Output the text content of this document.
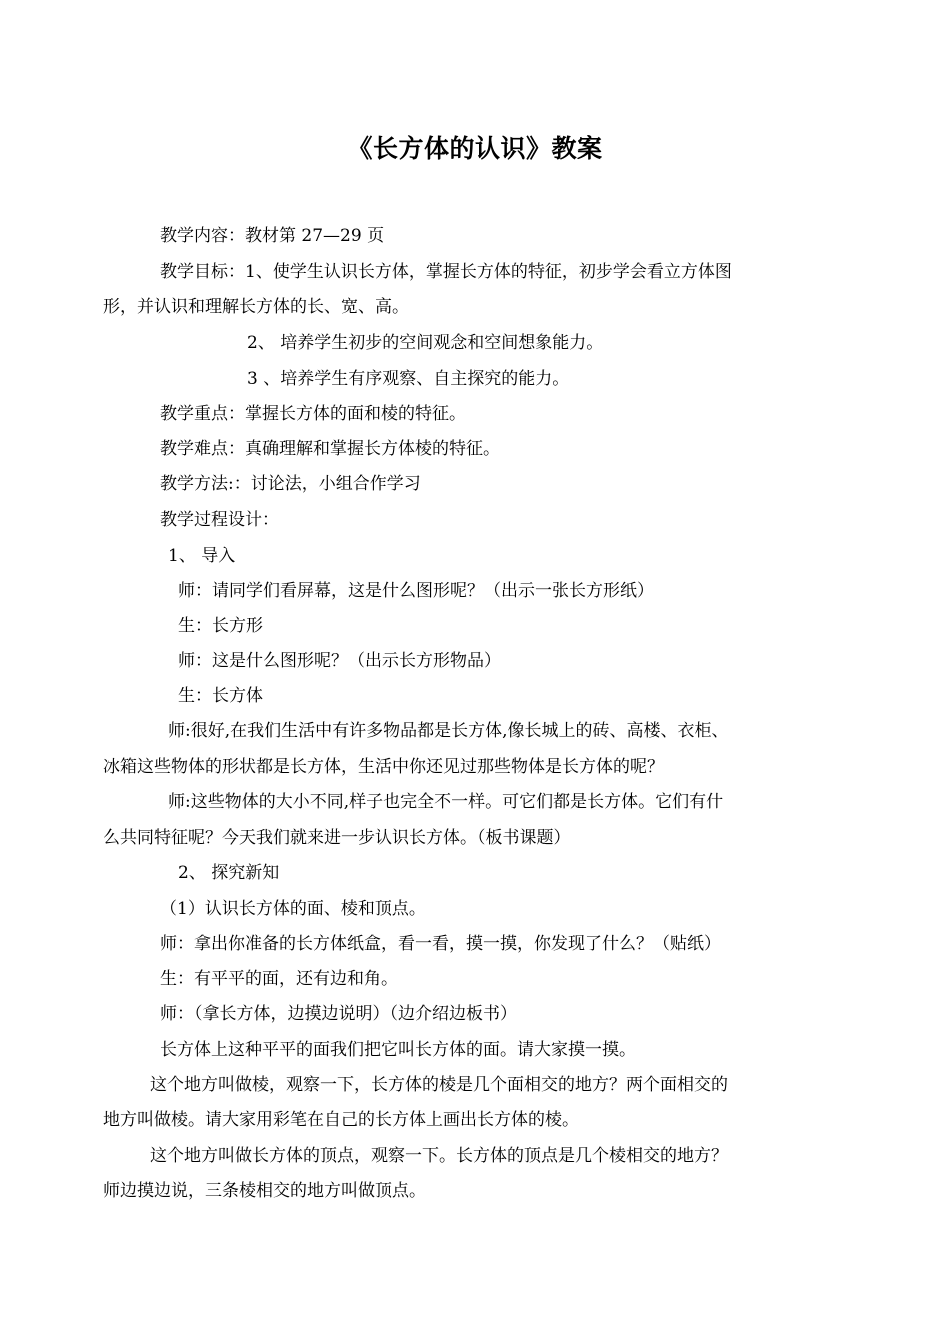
《长方体的认识》教案
教学内容：教材第 27—29 页
教学目标：1、使学生认识长方体，掌握长方体的特征，初步学会看立方体图
形，并认识和理解长方体的长、宽、高。
2、 培养学生初步的空间观念和空间想象能力。
3 、培养学生有序观察、自主探究的能力。
教学重点：掌握长方体的面和棱的特征。
教学难点：真确理解和掌握长方体棱的特征。
教学方法:：讨论法，小组合作学习
教学过程设计：
1、 导入
师：请同学们看屏幕，这是什么图形呢？（出示一张长方形纸）
生：长方形
师：这是什么图形呢？（出示长方形物品）
生：长方体
师:很好,在我们生活中有许多物品都是长方体,像长城上的砖、高楼、衣柜、
冰箱这些物体的形状都是长方体，生活中你还见过那些物体是长方体的呢？
师:这些物体的大小不同,样子也完全不一样。可它们都是长方体。它们有什
么共同特征呢？今天我们就来进一步认识长方体。（板书课题）
2、 探究新知
（1）认识长方体的面、棱和顶点。
师：拿出你准备的长方体纸盒，看一看，摸一摸，你发现了什么？（贴纸）
生：有平平的面，还有边和角。
师：（拿长方体，边摸边说明）（边介绍边板书）
长方体上这种平平的面我们把它叫长方体的面。请大家摸一摸。
这个地方叫做棱，观察一下，长方体的棱是几个面相交的地方？两个面相交的
地方叫做棱。请大家用彩笔在自己的长方体上画出长方体的棱。
这个地方叫做长方体的顶点，观察一下。长方体的顶点是几个棱相交的地方？
师边摸边说，三条棱相交的地方叫做顶点。
